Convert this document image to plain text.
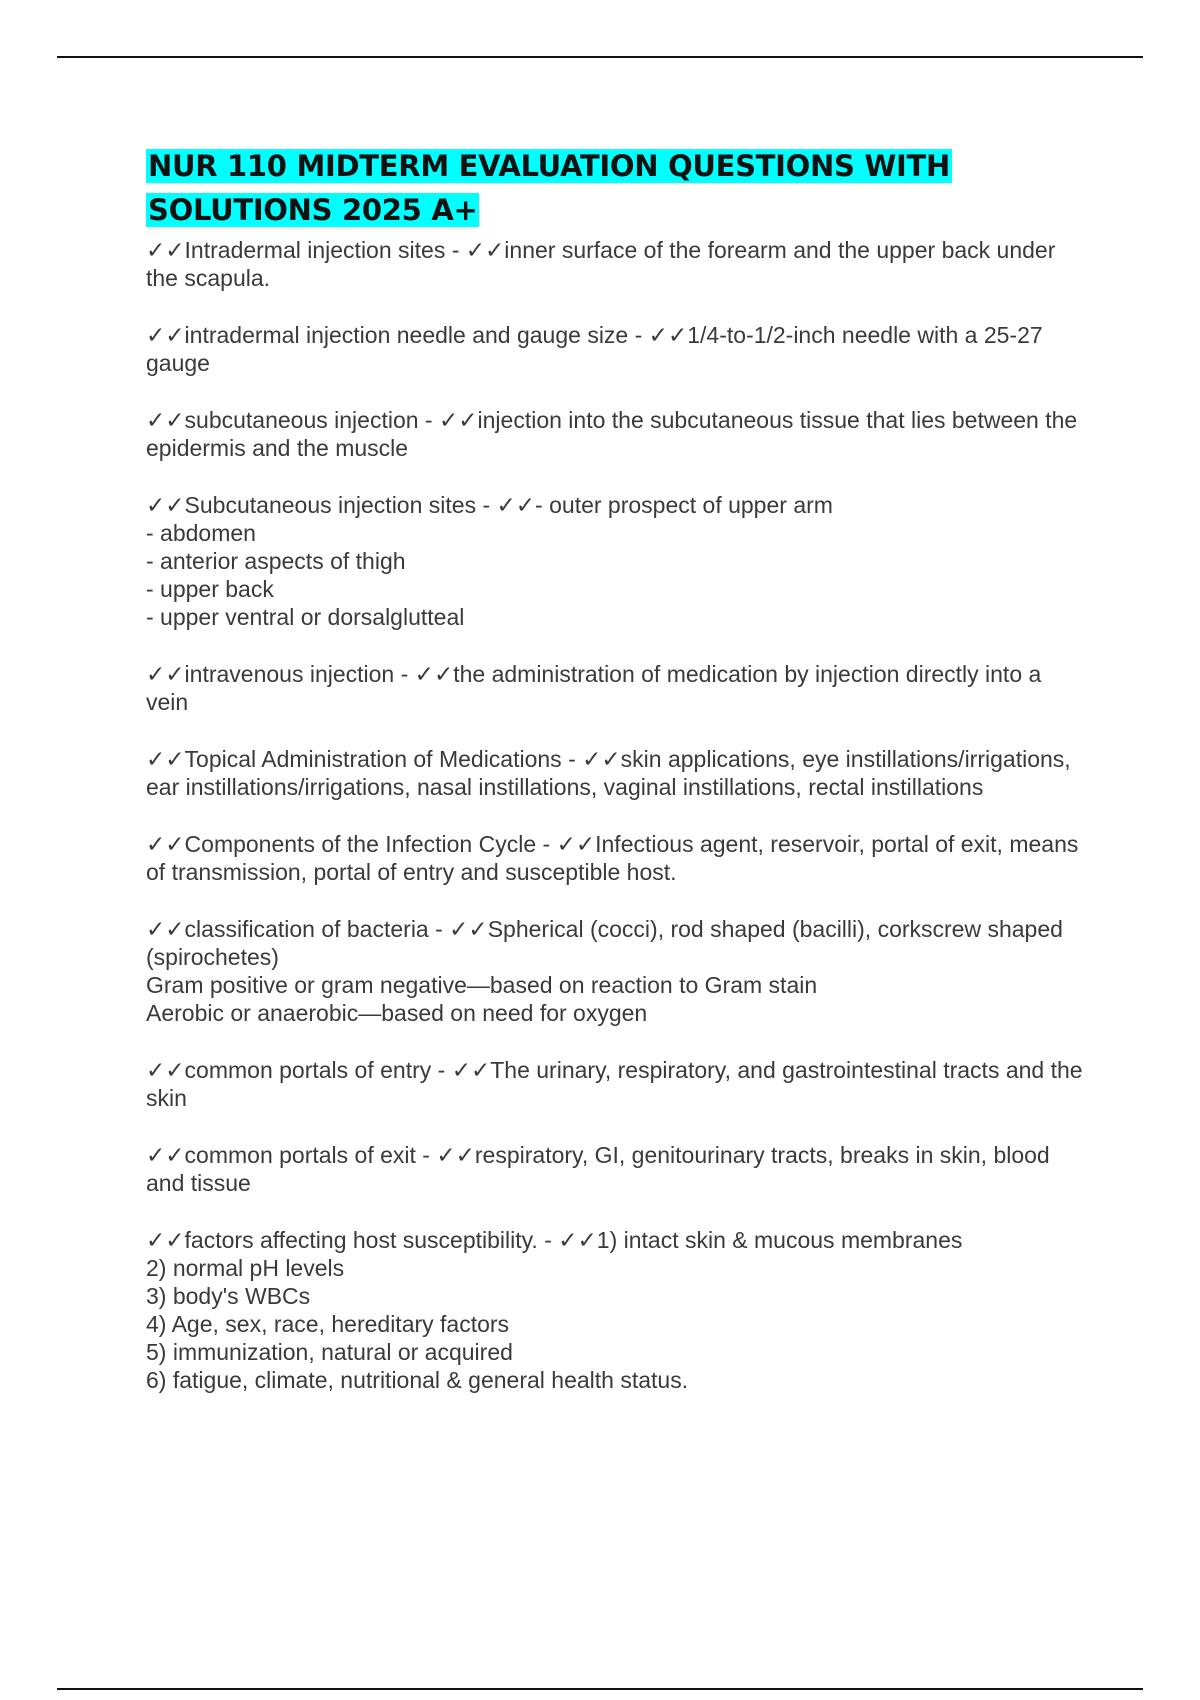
NUR 110 MIDTERM EVALUATION QUESTIONS WITH
SOLUTIONS 2025 A+
✓✓Intradermal injection sites - ✓✓inner surface of the forearm and the upper back under the scapula.
✓✓intradermal injection needle and gauge size - ✓✓1/4-to-1/2-inch needle with a 25-27 gauge
✓✓subcutaneous injection - ✓✓injection into the subcutaneous tissue that lies between the epidermis and the muscle
✓✓Subcutaneous injection sites - ✓✓- outer prospect of upper arm
- abdomen
- anterior aspects of thigh
- upper back
- upper ventral or dorsalglutteal
✓✓intravenous injection - ✓✓the administration of medication by injection directly into a vein
✓✓Topical Administration of Medications - ✓✓skin applications, eye instillations/irrigations, ear instillations/irrigations, nasal instillations, vaginal instillations, rectal instillations
✓✓Components of the Infection Cycle - ✓✓Infectious agent, reservoir, portal of exit, means of transmission, portal of entry and susceptible host.
✓✓classification of bacteria - ✓✓Spherical (cocci), rod shaped (bacilli), corkscrew shaped (spirochetes)
Gram positive or gram negative—based on reaction to Gram stain
Aerobic or anaerobic—based on need for oxygen
✓✓common portals of entry - ✓✓The urinary, respiratory, and gastrointestinal tracts and the skin
✓✓common portals of exit - ✓✓respiratory, GI, genitourinary tracts, breaks in skin, blood and tissue
✓✓factors affecting host susceptibility. - ✓✓1) intact skin & mucous membranes
2) normal pH levels
3) body's WBCs
4) Age, sex, race, hereditary factors
5) immunization, natural or acquired
6) fatigue, climate, nutritional & general health status.
